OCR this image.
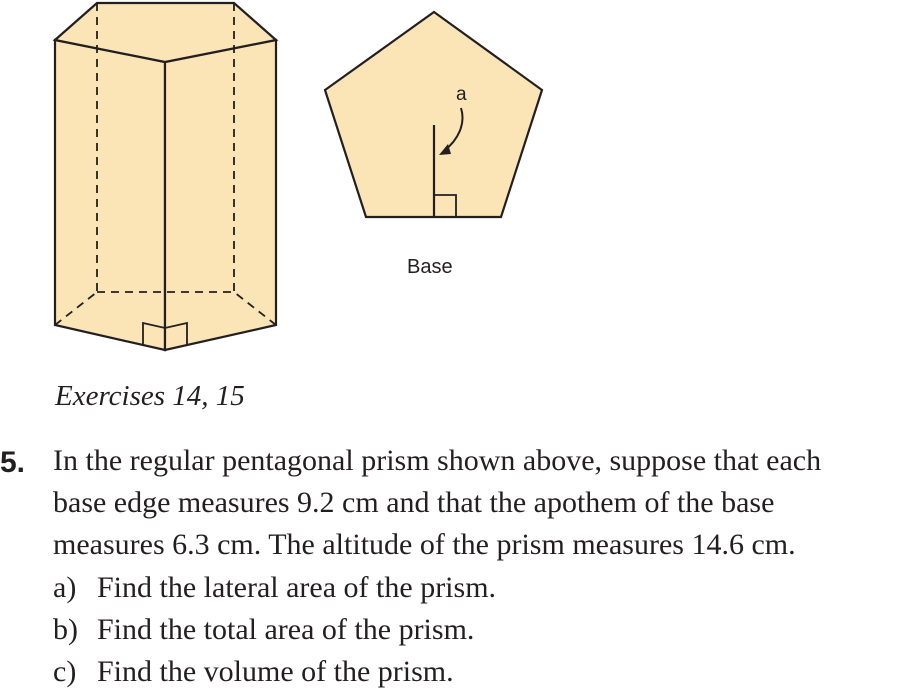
a
Base
Exercises 14, 15
5. In the regular pentagonal prism shown above, suppose that each
base edge measures 9.2 cm and that the apothem of the base
measures 6.3 cm. The altitude of the prism measures 14.6 cm.
a) Find the lateral area of the prism.
b) Find the total area of the prism.
c) Find the volume of the prism.
